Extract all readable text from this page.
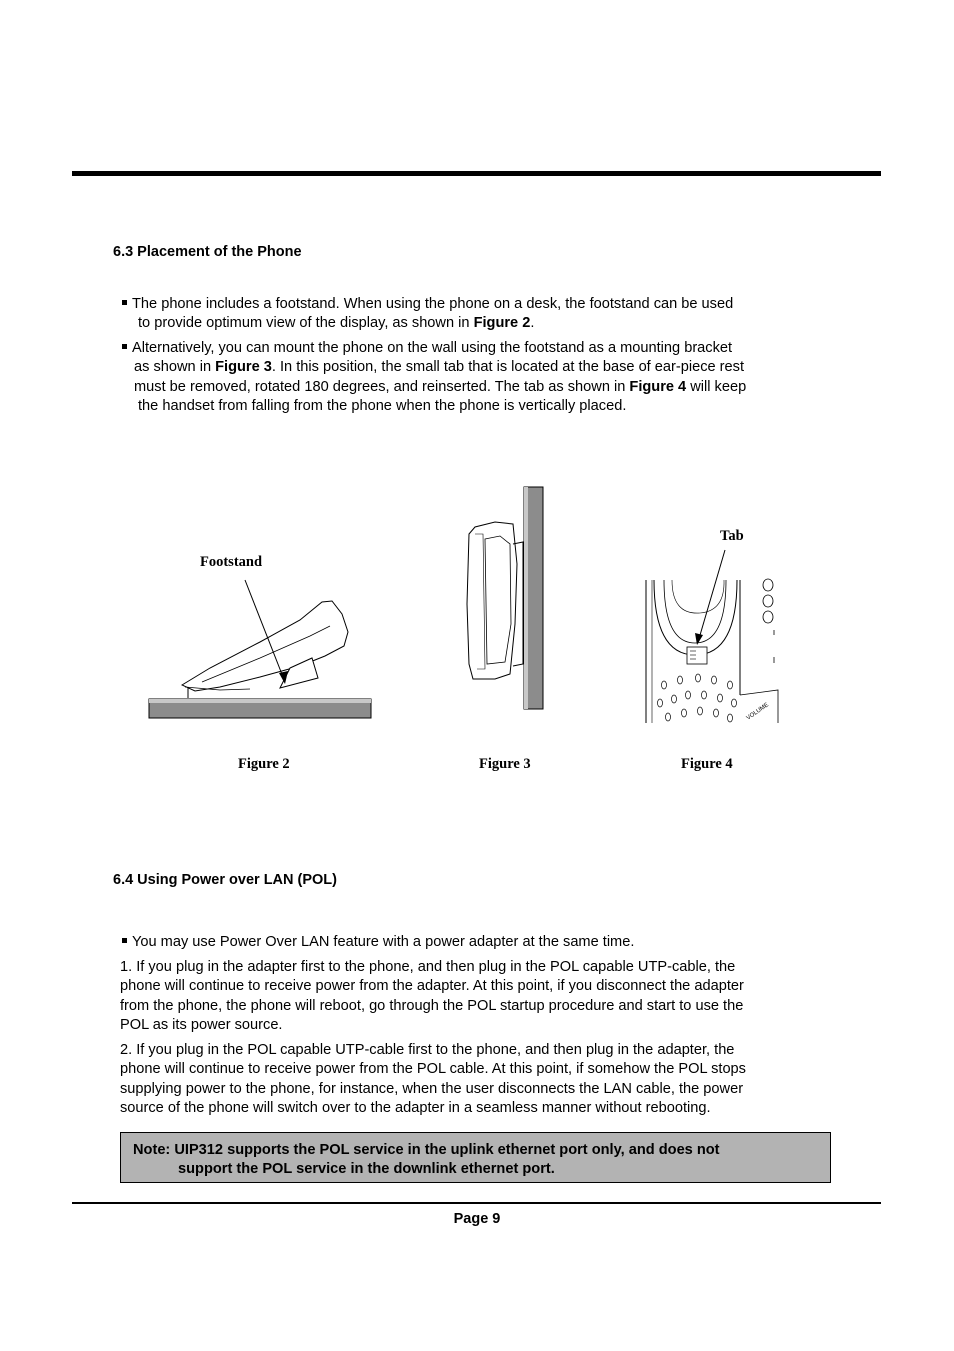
6.3 Placement of the Phone
The phone includes a footstand. When using the phone on a desk, the footstand can be used
to provide optimum view of the display, as shown in Figure 2.
Alternatively, you can mount the phone on the wall using the footstand as a mounting bracket
as shown in Figure 3. In this position, the small tab that is located at the base of ear-piece rest
must be removed, rotated 180 degrees, and reinserted. The tab as shown in Figure 4 will keep
the handset from falling from the phone when the phone is vertically placed.
Footstand
Figure 2	Figure 3
Tab
VOLUME
Figure 4
6.4 Using Power over LAN (POL)
You may use Power Over LAN feature with a power adapter at the same time.
1. If you plug in the adapter first to the phone, and then plug in the POL capable UTP-cable, the
phone will continue to receive power from the adapter. At this point, if you disconnect the adapter
from the phone, the phone will reboot, go through the POL startup procedure and start to use the
POL as its power source.
2. If you plug in the POL capable UTP-cable first to the phone, and then plug in the adapter, the
phone will continue to receive power from the POL cable. At this point, if somehow the POL stops
supplying power to the phone, for instance, when the user disconnects the LAN cable, the power
source of the phone will switch over to the adapter in a seamless manner without rebooting.
Note: UIP312 supports the POL service in the uplink ethernet port only, and does not
support the POL service in the downlink ethernet port.
Page 9
